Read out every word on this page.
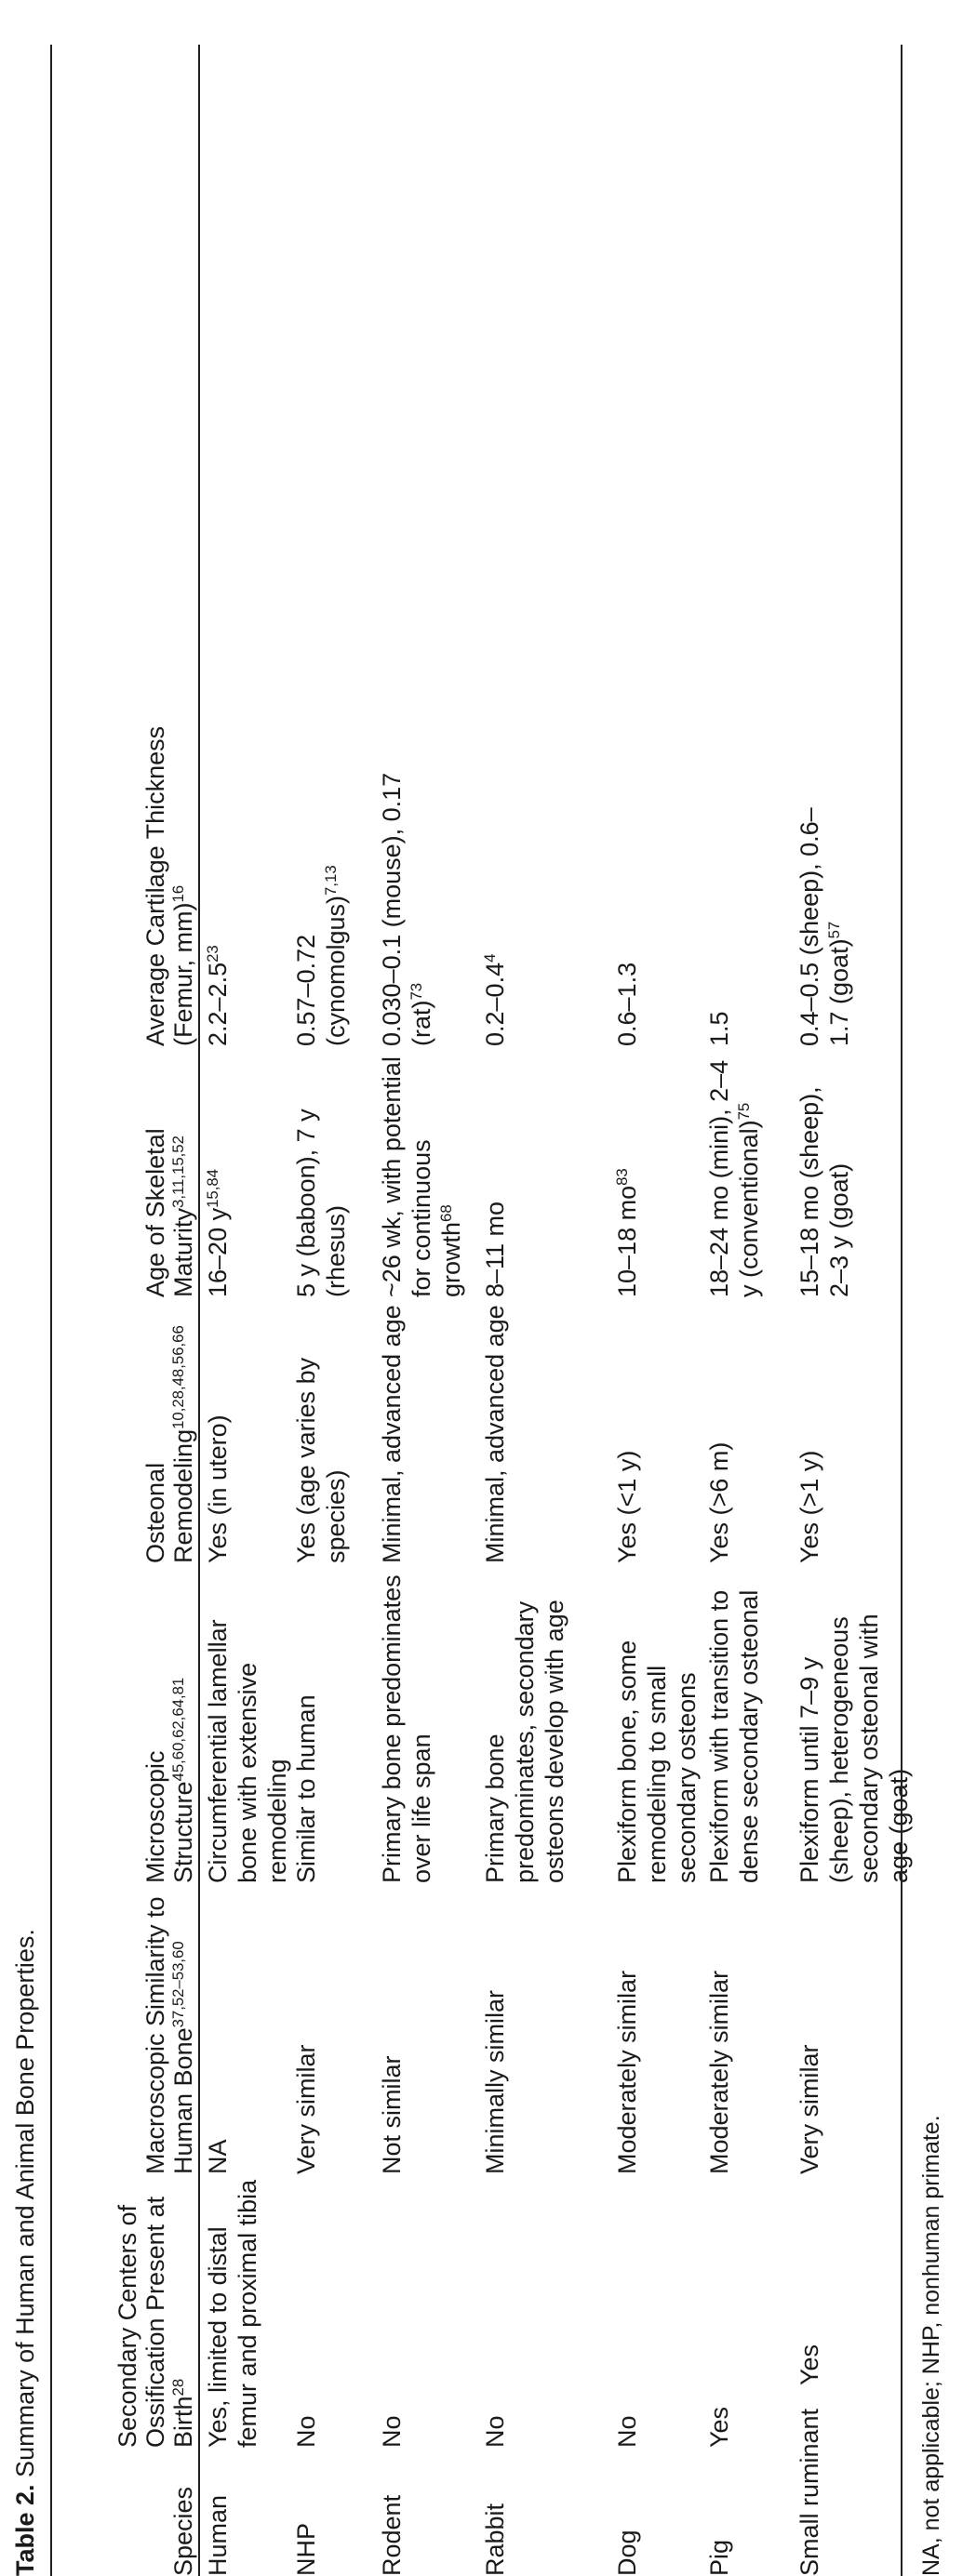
Table 2. Summary of Human and Animal Bone Properties.
Species
Secondary Centers of Ossification Present at Birth$^{28}$
Macroscopic Similarity to Human Bone$^{37,52-53,60}$
Microscopic Structure$^{45,60,62,64,81}$
Osteonal Remodeling$^{10,28,48,56,66}$
Age of Skeletal Maturity$^{3,11,15,52}$
Average Cartilage Thickness (Femur, mm)$^{16}$
Human
Yes, limited to distal femur and proximal tibia
NA
Circumferential lamellar bone with extensive remodeling
Yes (in utero)
16–20 $y^{15,84}$
$2.2-2.5^{23}$
NHP
No
Very similar
Similar to human
Yes (age varies by species)
5 y (baboon), 7 y (rhesus)
0.57–0.72 (cynomolgus)$^{7,13}$
Rodent
No
Not similar
Primary bone predominates over life span
Minimal, advanced age
~26 wk, with potential for continuous growth$^{68}$
0.030–0.1 (mouse), 0.17 (rat)$^{73}$
Rabbit
No
Minimally similar
Primary bone predominates, secondary osteons develop with age
Minimal, advanced age
8–11 mo
$0.2-0.4^4$
Dog
No
Moderately similar
Plexiform bone, some remodeling to small secondary osteons
Yes (<1 y)
10–18 $mo^{83}$
0.6–1.3
Pig
Yes
Moderately similar
Plexiform with transition to dense secondary osteonal
Yes (>6 m)
18–24 mo (mini), 2–4 y (conventional)$^{75}$
1.5
Small ruminant
Yes
Very similar
Plexiform until 7–9 y (sheep), heterogeneous secondary osteonal with age (goat)
Yes (>1 y)
15–18 mo (sheep), 2–3 y (goat)
0.4–0.5 (sheep), 0.6–1.7 (goat)$^{57}$
NA, not applicable; NHP, nonhuman primate.
